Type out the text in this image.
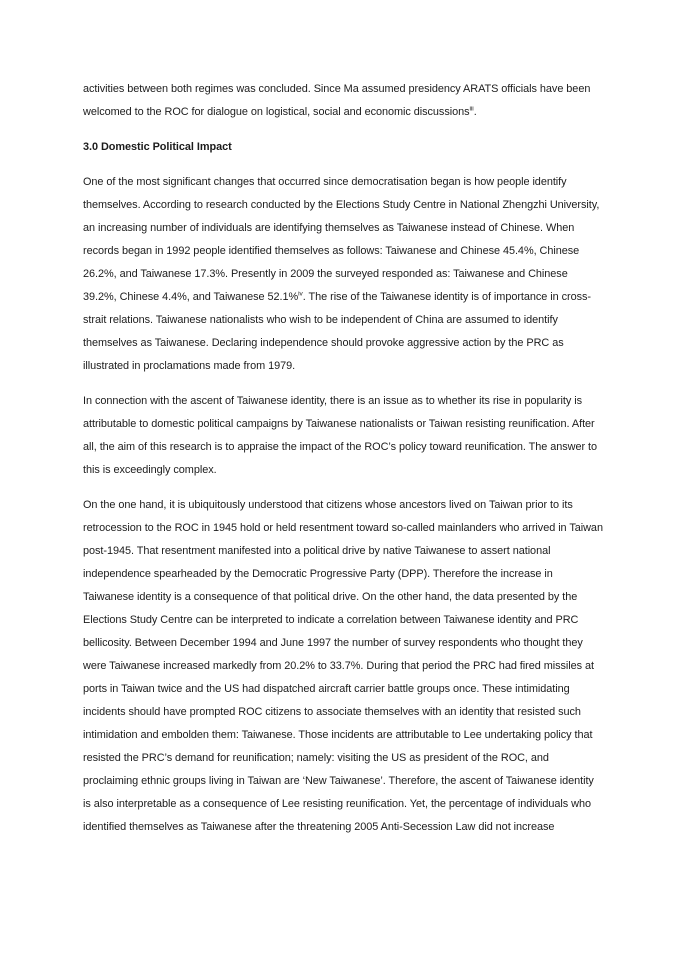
activities between both regimes was concluded. Since Ma assumed presidency ARATS officials have been welcomed to the ROC for dialogue on logistical, social and economic discussions$^{iii}$.

3.0 Domestic Political Impact

One of the most significant changes that occurred since democratisation began is how people identify themselves. According to research conducted by the Elections Study Centre in National Zhengzhi University, an increasing number of individuals are identifying themselves as Taiwanese instead of Chinese. When records began in 1992 people identified themselves as follows: Taiwanese and Chinese 45.4%, Chinese 26.2%, and Taiwanese 17.3%. Presently in 2009 the surveyed responded as: Taiwanese and Chinese 39.2%, Chinese 4.4%, and Taiwanese 52.1%$^{iv}$. The rise of the Taiwanese identity is of importance in cross-strait relations. Taiwanese nationalists who wish to be independent of China are assumed to identify themselves as Taiwanese. Declaring independence should provoke aggressive action by the PRC as illustrated in proclamations made from 1979.

In connection with the ascent of Taiwanese identity, there is an issue as to whether its rise in popularity is attributable to domestic political campaigns by Taiwanese nationalists or Taiwan resisting reunification. After all, the aim of this research is to appraise the impact of the ROC’s policy toward reunification. The answer to this is exceedingly complex.

On the one hand, it is ubiquitously understood that citizens whose ancestors lived on Taiwan prior to its retrocession to the ROC in 1945 hold or held resentment toward so-called mainlanders who arrived in Taiwan post-1945. That resentment manifested into a political drive by native Taiwanese to assert national independence spearheaded by the Democratic Progressive Party (DPP). Therefore the increase in Taiwanese identity is a consequence of that political drive. On the other hand, the data presented by the Elections Study Centre can be interpreted to indicate a correlation between Taiwanese identity and PRC bellicosity. Between December 1994 and June 1997 the number of survey respondents who thought they were Taiwanese increased markedly from 20.2% to 33.7%. During that period the PRC had fired missiles at ports in Taiwan twice and the US had dispatched aircraft carrier battle groups once. These intimidating incidents should have prompted ROC citizens to associate themselves with an identity that resisted such intimidation and embolden them: Taiwanese. Those incidents are attributable to Lee undertaking policy that resisted the PRC’s demand for reunification; namely: visiting the US as president of the ROC, and proclaiming ethnic groups living in Taiwan are ‘New Taiwanese’. Therefore, the ascent of Taiwanese identity is also interpretable as a consequence of Lee resisting reunification. Yet, the percentage of individuals who identified themselves as Taiwanese after the threatening 2005 Anti-Secession Law did not increase
